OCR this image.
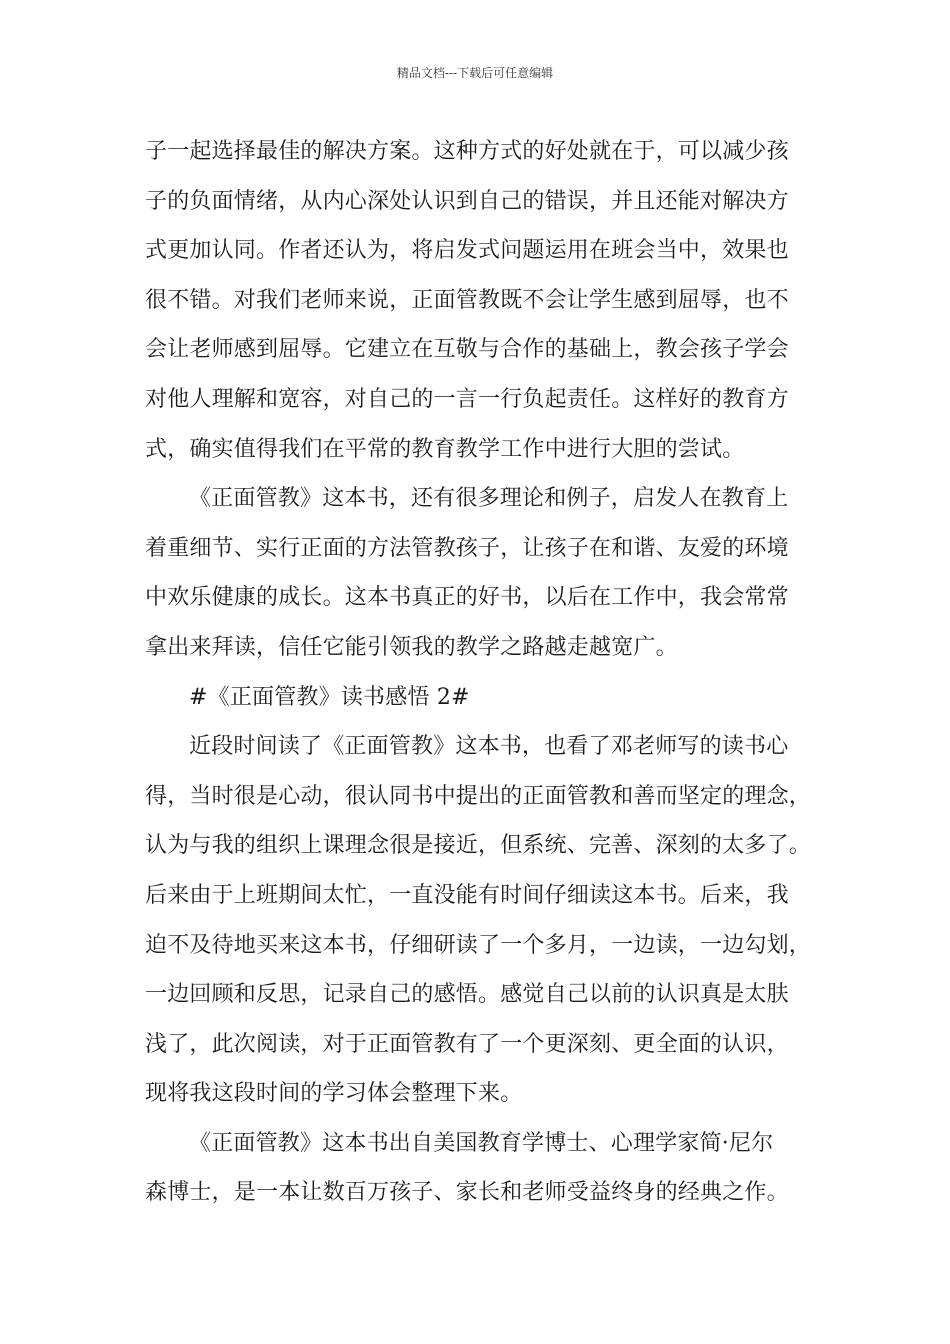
精品文档---下载后可任意编辑
子一起选择最佳的解决方案。这种方式的好处就在于，可以减少孩
子的负面情绪，从内心深处认识到自己的错误，并且还能对解决方
式更加认同。作者还认为，将启发式问题运用在班会当中，效果也
很不错。对我们老师来说，正面管教既不会让学生感到屈辱，也不
会让老师感到屈辱。它建立在互敬与合作的基础上，教会孩子学会
对他人理解和宽容，对自己的一言一行负起责任。这样好的教育方
式，确实值得我们在平常的教育教学工作中进行大胆的尝试。
《正面管教》这本书，还有很多理论和例子，启发人在教育上
着重细节、实行正面的方法管教孩子，让孩子在和谐、友爱的环境
中欢乐健康的成长。这本书真正的好书，以后在工作中，我会常常
拿出来拜读，信任它能引领我的教学之路越走越宽广。
#《正面管教》读书感悟 2#
近段时间读了《正面管教》这本书，也看了邓老师写的读书心
得，当时很是心动，很认同书中提出的正面管教和善而坚定的理念，
认为与我的组织上课理念很是接近，但系统、完善、深刻的太多了。
后来由于上班期间太忙，一直没能有时间仔细读这本书。后来，我
迫不及待地买来这本书，仔细研读了一个多月，一边读，一边勾划，
一边回顾和反思，记录自己的感悟。感觉自己以前的认识真是太肤
浅了，此次阅读，对于正面管教有了一个更深刻、更全面的认识，
现将我这段时间的学习体会整理下来。
《正面管教》这本书出自美国教育学博士、心理学家简·尼尔
森博士，是一本让数百万孩子、家长和老师受益终身的经典之作。
